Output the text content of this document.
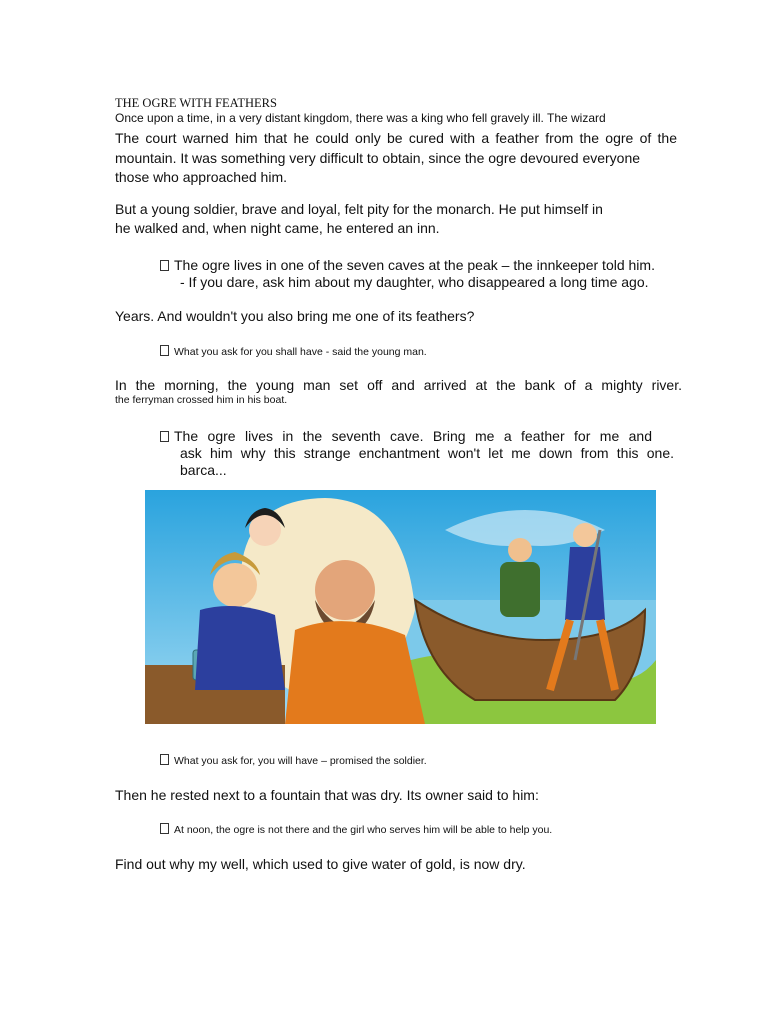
THE OGRE WITH FEATHERS
Once upon a time, in a very distant kingdom, there was a king who fell gravely ill. The wizard
The court warned him that he could only be cured with a feather from the ogre of the
mountain. It was something very difficult to obtain, since the ogre devoured everyone
those who approached him.
But a young soldier, brave and loyal, felt pity for the monarch. He put himself in
he walked and, when night came, he entered an inn.
The ogre lives in one of the seven caves at the peak – the innkeeper told him.
- If you dare, ask him about my daughter, who disappeared a long time ago.
Years. And wouldn't you also bring me one of its feathers?
What you ask for you shall have - said the young man.
In the morning, the young man set off and arrived at the bank of a mighty river.
the ferryman crossed him in his boat.
The ogre lives in the seventh cave. Bring me a feather for me and
ask him why this strange enchantment won't let me down from this one.
barca...
What you ask for, you will have – promised the soldier.
Then he rested next to a fountain that was dry. Its owner said to him:
At noon, the ogre is not there and the girl who serves him will be able to help you.
Find out why my well, which used to give water of gold, is now dry.
